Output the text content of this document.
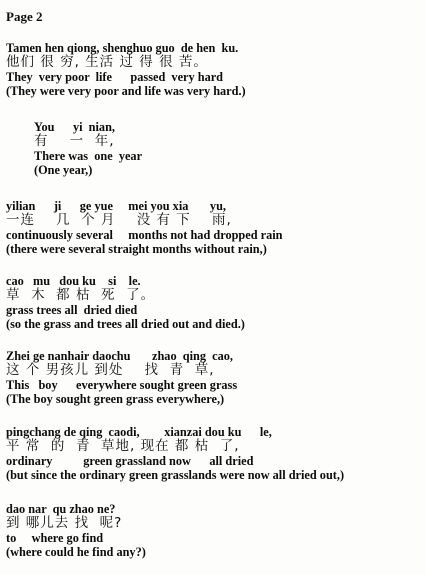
Page 2
Tamen hen qiong, shenghuo guo  de hen  ku.
他们 很 穷, 生活 过 得 很 苦。
They  very poor  life      passed  very hard
(They were very poor and life was very hard.)
You      yi  nian,
有    一  年,
There was  one  year
(One year,)
yilian      ji      ge yue     mei you xia       yu,
一连    几  个 月    没 有 下    雨,
continuously several     months not had dropped rain
(there were several straight months without rain,)
cao   mu   dou ku    si    le.
草  木  都 枯  死  了。
grass trees all  dried died
(so the grass and trees all dried out and died.)
Zhei ge nanhair daochu       zhao  qing  cao,
这 个 男孩儿 到处    找  青  草,
This   boy      everywhere sought green grass
(The boy sought green grass everywhere,)
pingchang de qing  caodi,        xianzai dou ku      le,
平 常  的  青  草地, 现在 都 枯  了,
ordinary          green grassland now      all dried
(but since the ordinary green grasslands were now all dried out,)
dao nar  qu zhao ne?
到 哪儿去 找  呢?
to     where go find
(where could he find any?)
